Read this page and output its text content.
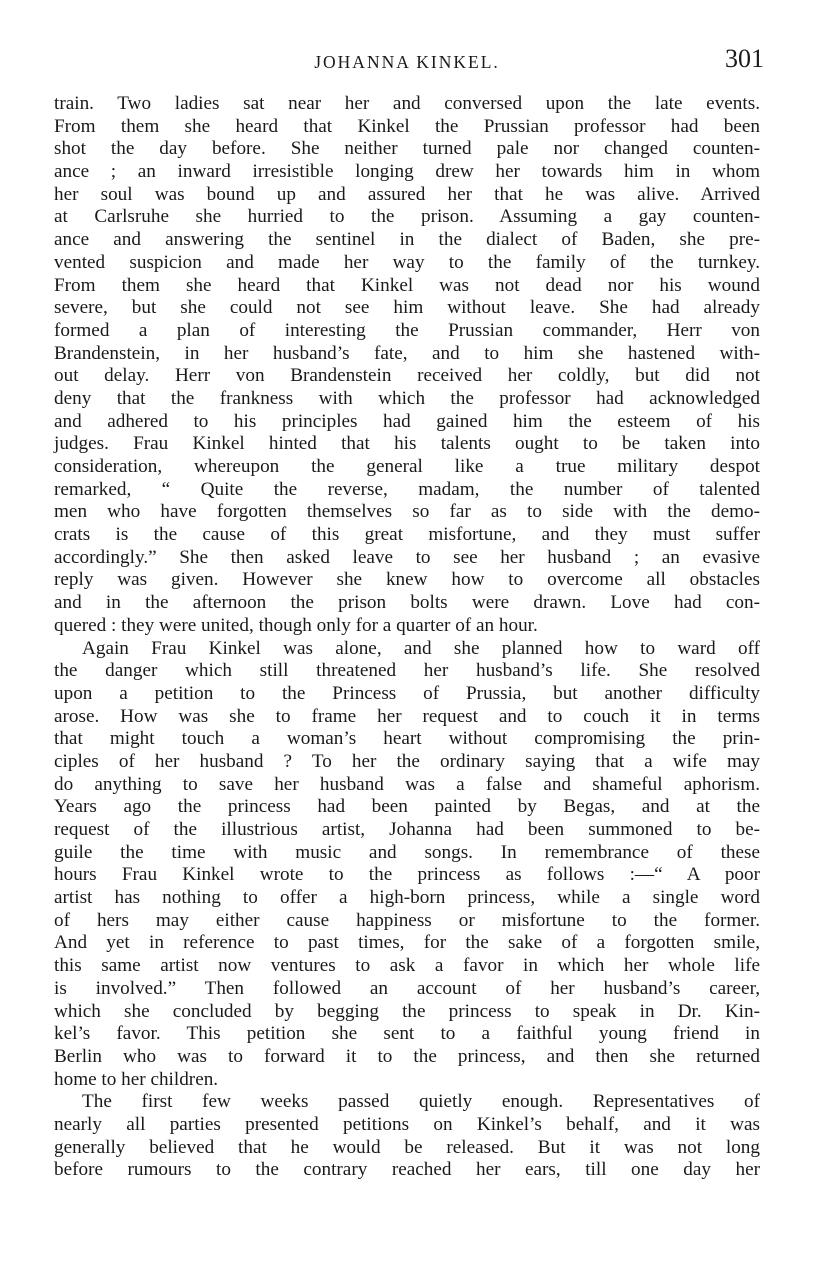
JOHANNA KINKEL.	301
train. Two ladies sat near her and conversed upon the late events.
From them she heard that Kinkel the Prussian professor had been
shot the day before. She neither turned pale nor changed counten-
ance ; an inward irresistible longing drew her towards him in whom
her soul was bound up and assured her that he was alive. Arrived
at Carlsruhe she hurried to the prison. Assuming a gay counten-
ance and answering the sentinel in the dialect of Baden, she pre-
vented suspicion and made her way to the family of the turnkey.
From them she heard that Kinkel was not dead nor his wound
severe, but she could not see him without leave. She had already
formed a plan of interesting the Prussian commander, Herr von
Brandenstein, in her husband’s fate, and to him she hastened with-
out delay. Herr von Brandenstein received her coldly, but did not
deny that the frankness with which the professor had acknowledged
and adhered to his principles had gained him the esteem of his
judges. Frau Kinkel hinted that his talents ought to be taken into
consideration, whereupon the general like a true military despot
remarked, “ Quite the reverse, madam, the number of talented
men who have forgotten themselves so far as to side with the demo-
crats is the cause of this great misfortune, and they must suffer
accordingly.” She then asked leave to see her husband ; an evasive
reply was given. However she knew how to overcome all obstacles
and in the afternoon the prison bolts were drawn. Love had con-
quered : they were united, though only for a quarter of an hour.
Again Frau Kinkel was alone, and she planned how to ward off
the danger which still threatened her husband’s life. She resolved
upon a petition to the Princess of Prussia, but another difficulty
arose. How was she to frame her request and to couch it in terms
that might touch a woman’s heart without compromising the prin-
ciples of her husband ? To her the ordinary saying that a wife may
do anything to save her husband was a false and shameful aphorism.
Years ago the princess had been painted by Begas, and at the
request of the illustrious artist, Johanna had been summoned to be-
guile the time with music and songs. In remembrance of these
hours Frau Kinkel wrote to the princess as follows :—“ A poor
artist has nothing to offer a high-born princess, while a single word
of hers may either cause happiness or misfortune to the former.
And yet in reference to past times, for the sake of a forgotten smile,
this same artist now ventures to ask a favor in which her whole life
is involved.” Then followed an account of her husband’s career,
which she concluded by begging the princess to speak in Dr. Kin-
kel’s favor. This petition she sent to a faithful young friend in
Berlin who was to forward it to the princess, and then she returned
home to her children.
The first few weeks passed quietly enough. Representatives of
nearly all parties presented petitions on Kinkel’s behalf, and it was
generally believed that he would be released. But it was not long
before rumours to the contrary reached her ears, till one day her
